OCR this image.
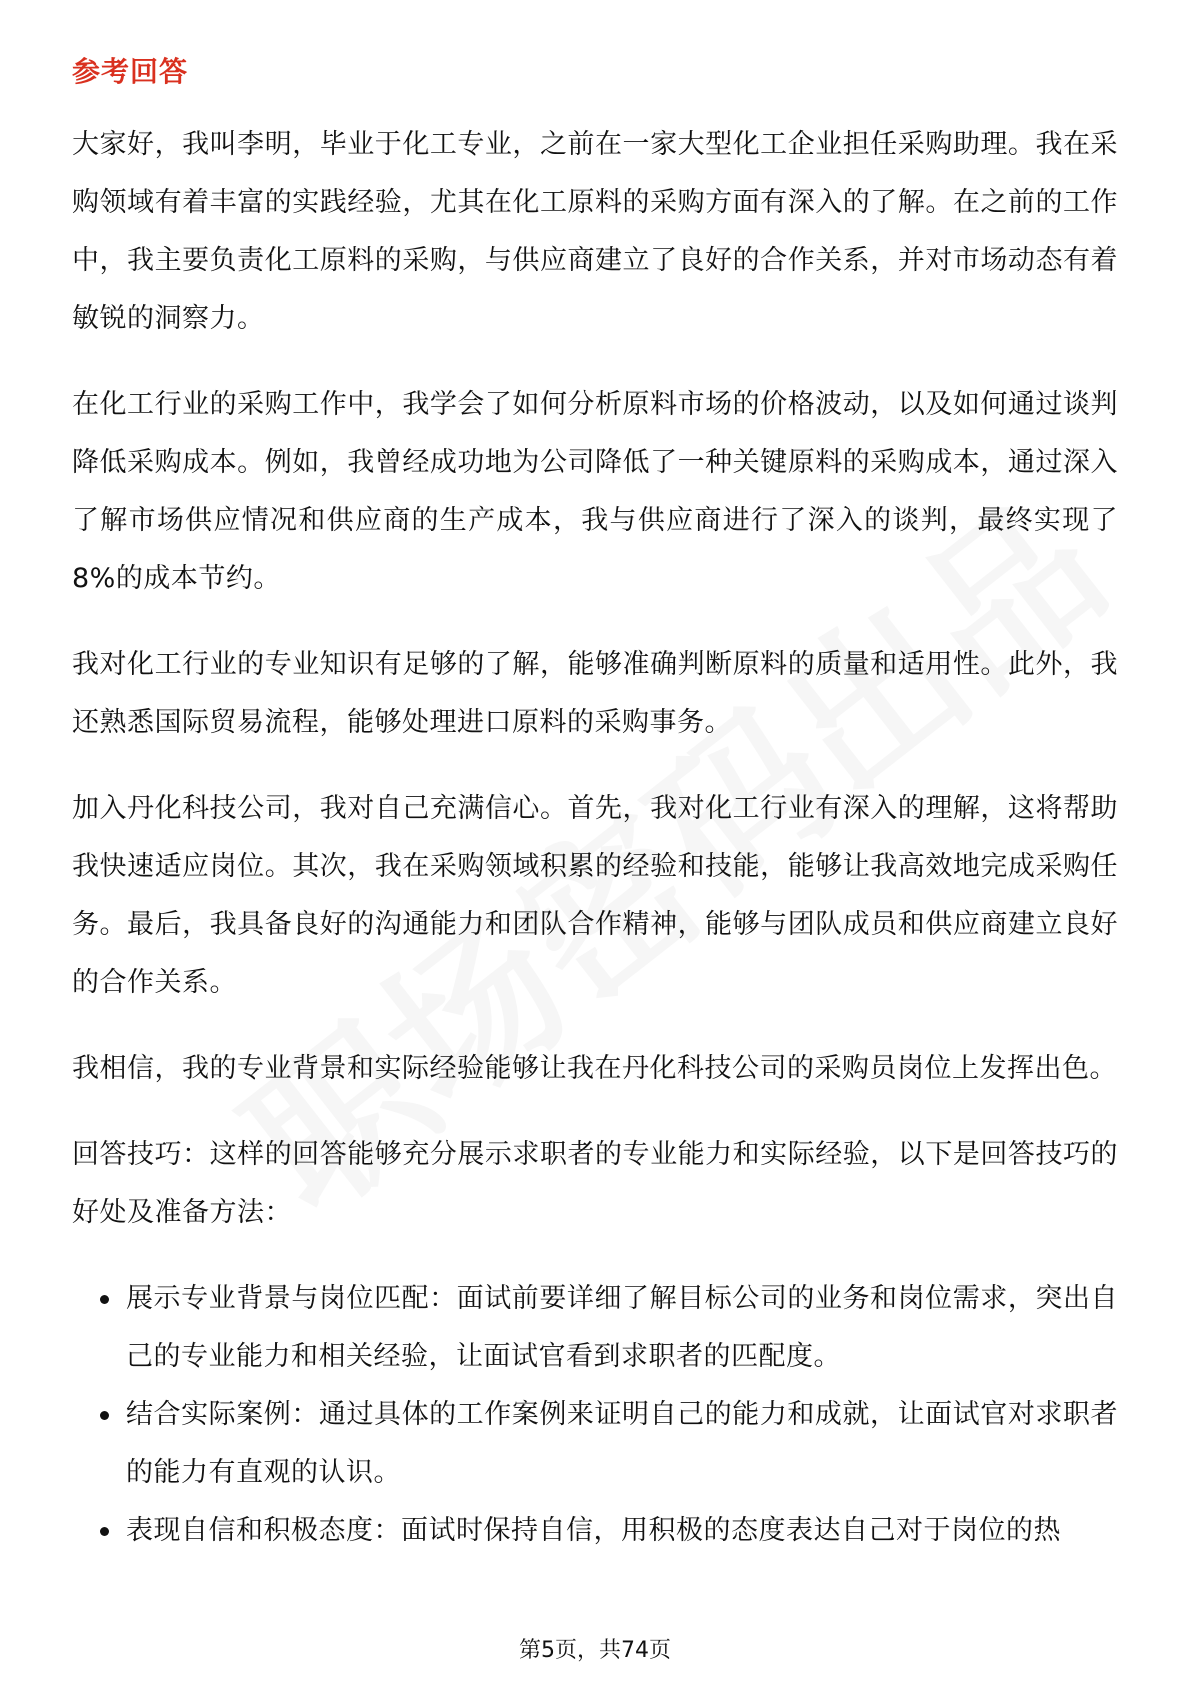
参考回答

大家好，我叫李明，毕业于化工专业，之前在一家大型化工企业担任采购助理。我在采购领域有着丰富的实践经验，尤其在化工原料的采购方面有深入的了解。在之前的工作中，我主要负责化工原料的采购，与供应商建立了良好的合作关系，并对市场动态有着敏锐的洞察力。

在化工行业的采购工作中，我学会了如何分析原料市场的价格波动，以及如何通过谈判降低采购成本。例如，我曾经成功地为公司降低了一种关键原料的采购成本，通过深入了解市场供应情况和供应商的生产成本，我与供应商进行了深入的谈判，最终实现了8%的成本节约。

我对化工行业的专业知识有足够的了解，能够准确判断原料的质量和适用性。此外，我还熟悉国际贸易流程，能够处理进口原料的采购事务。

加入丹化科技公司，我对自己充满信心。首先，我对化工行业有深入的理解，这将帮助我快速适应岗位。其次，我在采购领域积累的经验和技能，能够让我高效地完成采购任务。最后，我具备良好的沟通能力和团队合作精神，能够与团队成员和供应商建立良好的合作关系。

我相信，我的专业背景和实际经验能够让我在丹化科技公司的采购员岗位上发挥出色。

回答技巧：这样的回答能够充分展示求职者的专业能力和实际经验，以下是回答技巧的好处及准备方法：

展示专业背景与岗位匹配：面试前要详细了解目标公司的业务和岗位需求，突出自己的专业能力和相关经验，让面试官看到求职者的匹配度。
结合实际案例：通过具体的工作案例来证明自己的能力和成就，让面试官对求职者的能力有直观的认识。
表现自信和积极态度：面试时保持自信，用积极的态度表达自己对于岗位的热
第5页，共74页
